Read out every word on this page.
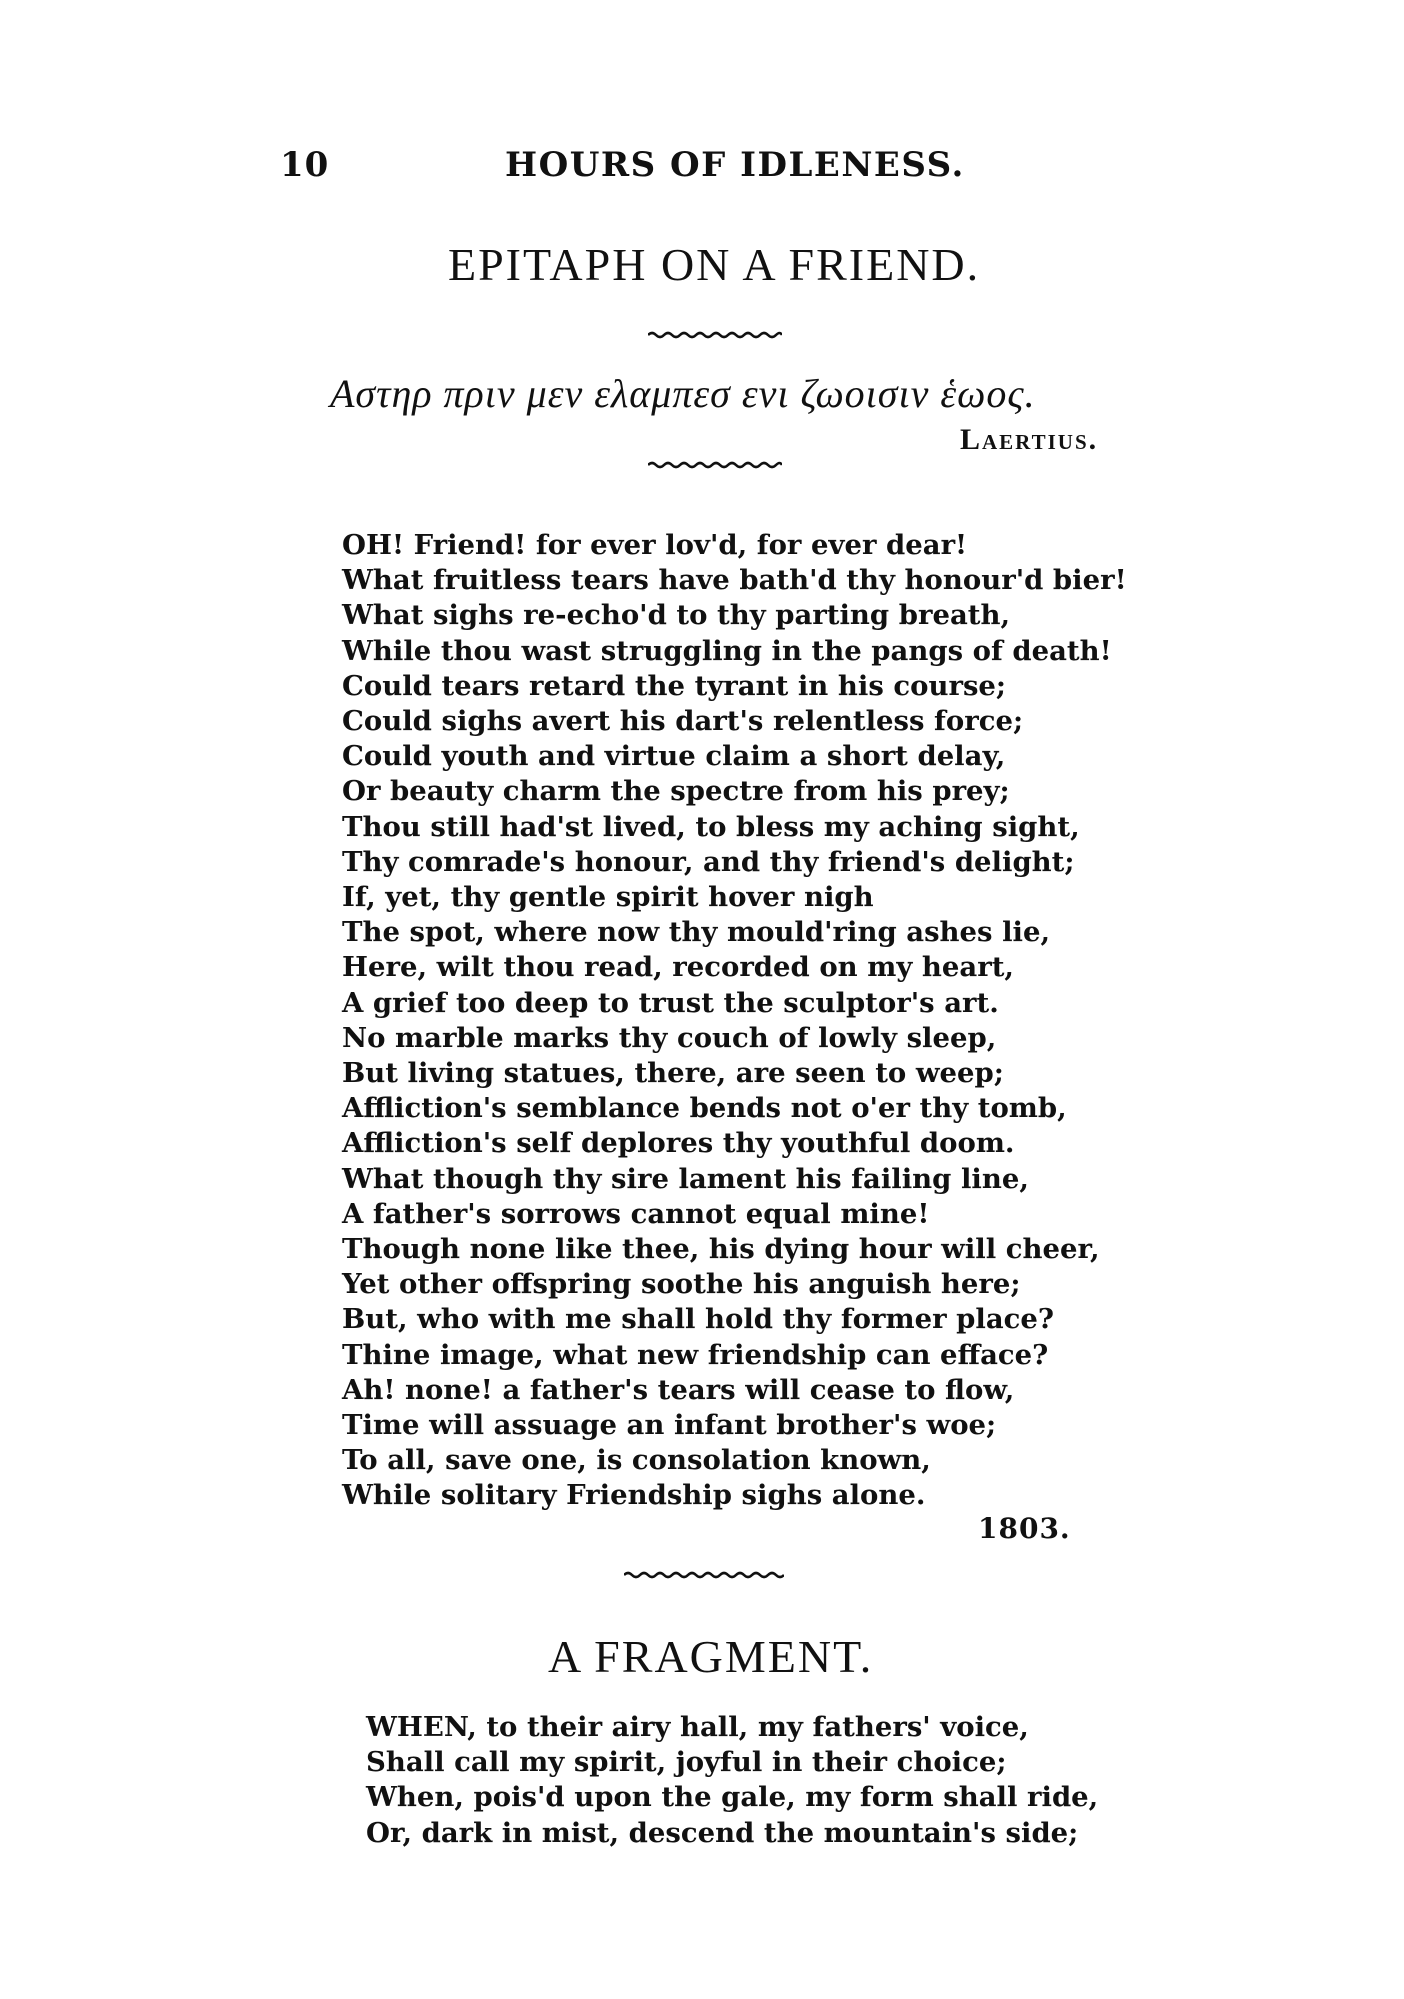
10	HOURS OF IDLENESS.
EPITAPH ON A FRIEND.
Αστηρ πριν μεν ελαμπεσ ενι ζωοισιν ἑωος.
Laertius.
OH! Friend! for ever lov'd, for ever dear!
What fruitless tears have bath'd thy honour'd bier!
What sighs re-echo'd to thy parting breath,
While thou wast struggling in the pangs of death!
Could tears retard the tyrant in his course;
Could sighs avert his dart's relentless force;
Could youth and virtue claim a short delay,
Or beauty charm the spectre from his prey;
Thou still had'st lived, to bless my aching sight,
Thy comrade's honour, and thy friend's delight;
If, yet, thy gentle spirit hover nigh
The spot, where now thy mould'ring ashes lie,
Here, wilt thou read, recorded on my heart,
A grief too deep to trust the sculptor's art.
No marble marks thy couch of lowly sleep,
But living statues, there, are seen to weep;
Affliction's semblance bends not o'er thy tomb,
Affliction's self deplores thy youthful doom.
What though thy sire lament his failing line,
A father's sorrows cannot equal mine!
Though none like thee, his dying hour will cheer,
Yet other offspring soothe his anguish here;
But, who with me shall hold thy former place?
Thine image, what new friendship can efface?
Ah! none! a father's tears will cease to flow,
Time will assuage an infant brother's woe;
To all, save one, is consolation known,
While solitary Friendship sighs alone.
1803.
A FRAGMENT.
WHEN, to their airy hall, my fathers' voice,
Shall call my spirit, joyful in their choice;
When, pois'd upon the gale, my form shall ride,
Or, dark in mist, descend the mountain's side;
